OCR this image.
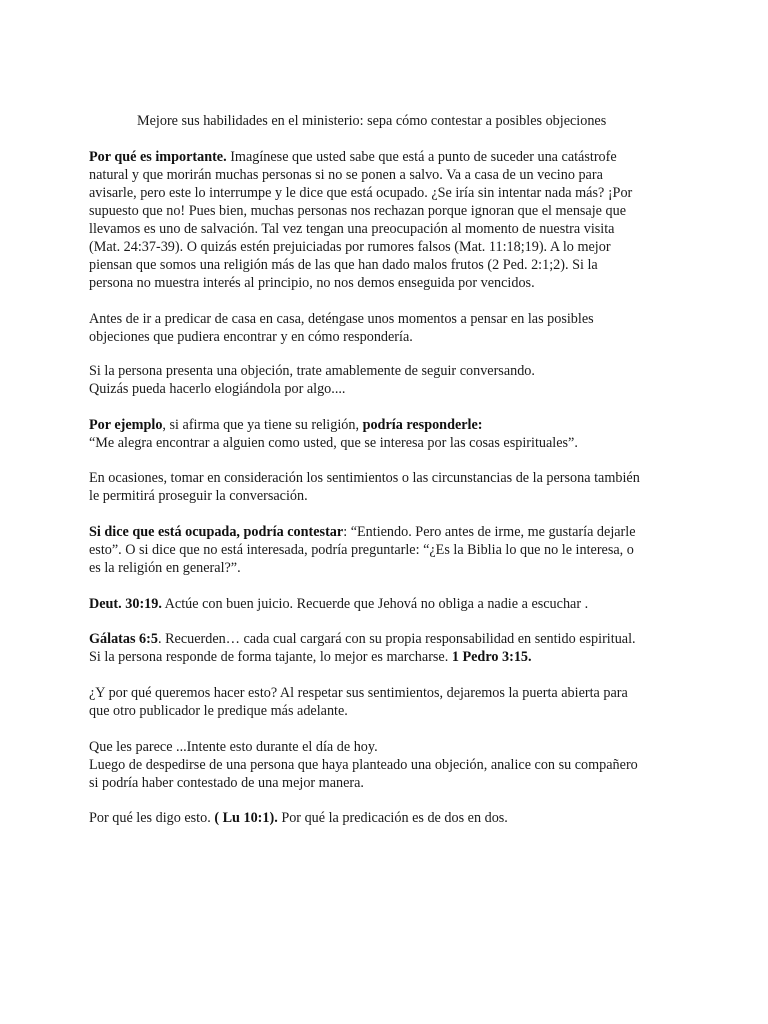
Mejore sus habilidades en el ministerio: sepa cómo contestar a posibles objeciones
Por qué es importante. Imagínese que usted sabe que está a punto de suceder una catástrofe
natural y que morirán muchas personas si no se ponen a salvo. Va a casa de un vecino para
avisarle, pero este lo interrumpe y le dice que está ocupado. ¿Se iría sin intentar nada más? ¡Por
supuesto que no! Pues bien, muchas personas nos rechazan porque ignoran que el mensaje que
llevamos es uno de salvación. Tal vez tengan una preocupación al momento de nuestra visita
(Mat. 24:37-39). O quizás estén prejuiciadas por rumores falsos (Mat. 11:18;19). A lo mejor
piensan que somos una religión más de las que han dado malos frutos (2 Ped. 2:1;2). Si la
persona no muestra interés al principio, no nos demos enseguida por vencidos.
Antes de ir a predicar de casa en casa, deténgase unos momentos a pensar en las posibles
objeciones que pudiera encontrar y en cómo respondería.
Si la persona presenta una objeción, trate amablemente de seguir conversando.
Quizás pueda hacerlo elogiándola por algo....
Por ejemplo, si afirma que ya tiene su religión, podría responderle:
“Me alegra encontrar a alguien como usted, que se interesa por las cosas espirituales”.
En ocasiones, tomar en consideración los sentimientos o las circunstancias de la persona también
le permitirá proseguir la conversación.
Si dice que está ocupada, podría contestar: “Entiendo. Pero antes de irme, me gustaría dejarle
esto”. O si dice que no está interesada, podría preguntarle: “¿Es la Biblia lo que no le interesa, o
es la religión en general?”.
Deut. 30:19. Actúe con buen juicio. Recuerde que Jehová no obliga a nadie a escuchar .
Gálatas 6:5. Recuerden… cada cual cargará con su propia responsabilidad en sentido espiritual.
Si la persona responde de forma tajante, lo mejor es marcharse. 1 Pedro 3:15.
¿Y por qué queremos hacer esto? Al respetar sus sentimientos, dejaremos la puerta abierta para
que otro publicador le predique más adelante.
Que les parece ...Intente esto durante el día de hoy.
Luego de despedirse de una persona que haya planteado una objeción, analice con su compañero
si podría haber contestado de una mejor manera.
Por qué les digo esto. ( Lu 10:1). Por qué la predicación es de dos en dos.
